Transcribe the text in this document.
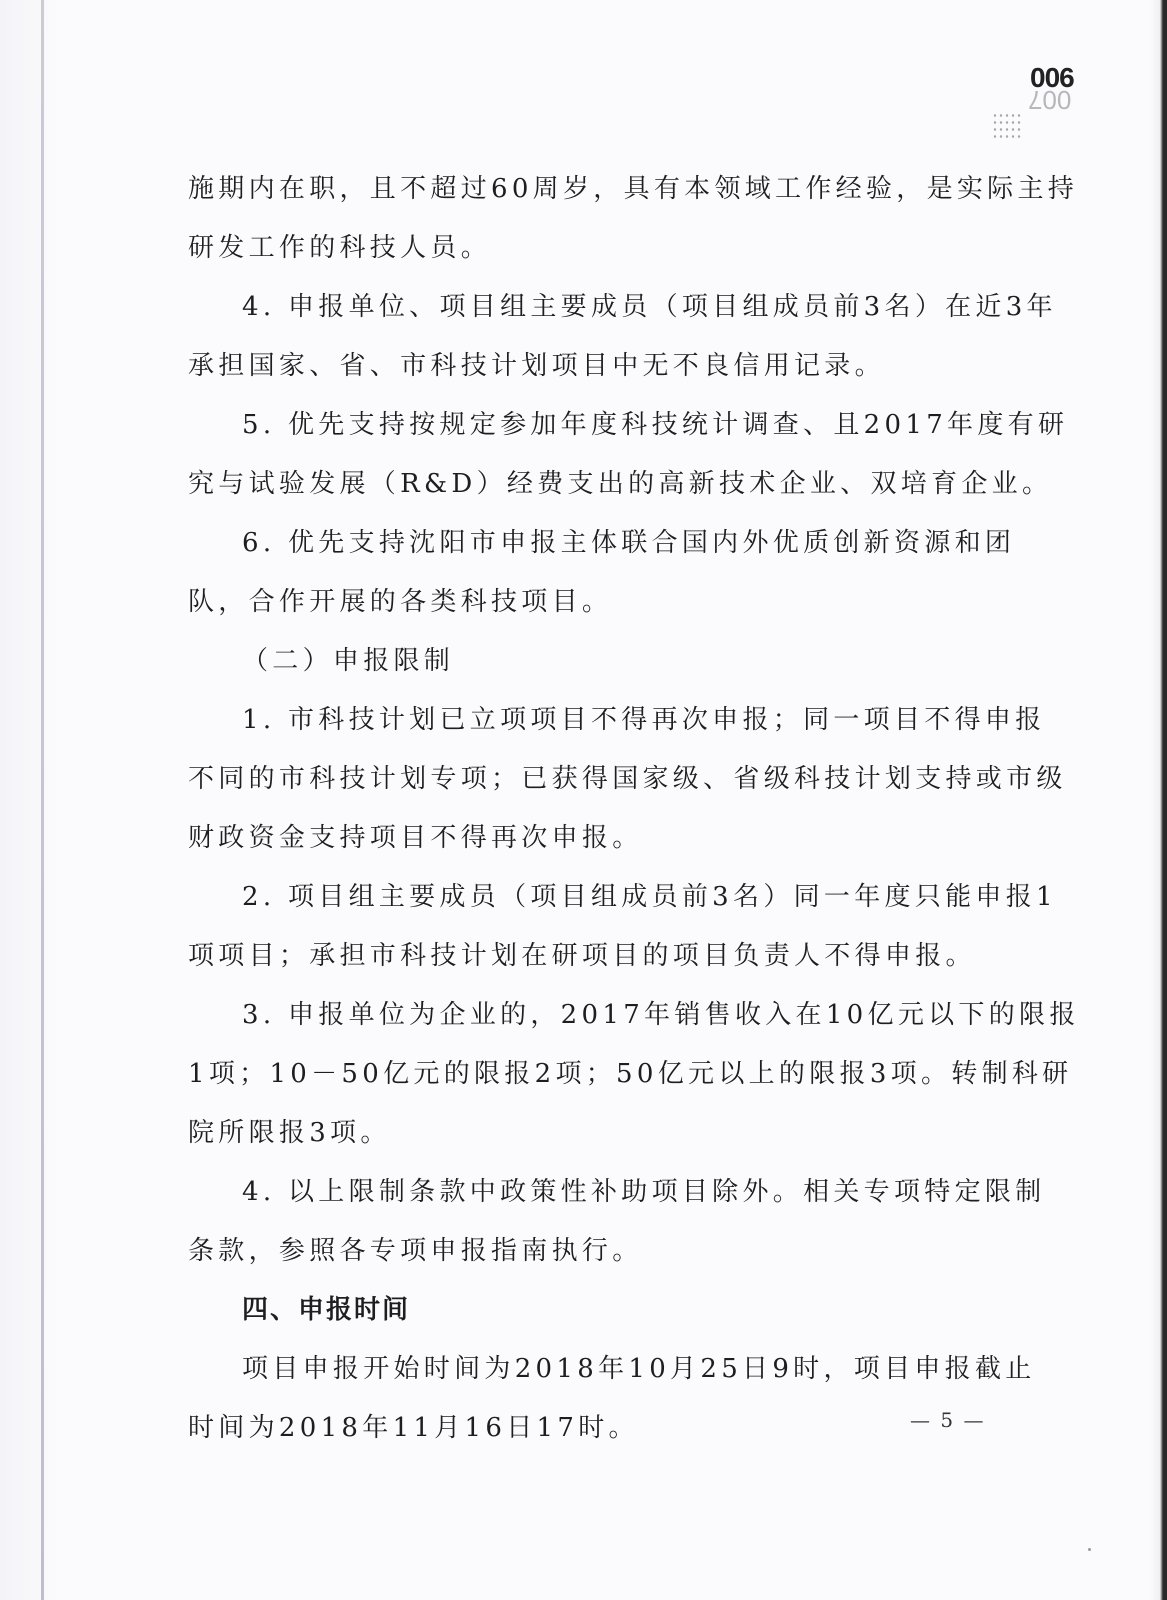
007
006
施期内在职，且不超过60周岁，具有本领域工作经验，是实际主持
研发工作的科技人员。
4. 申报单位、项目组主要成员（项目组成员前3名）在近3年
承担国家、省、市科技计划项目中无不良信用记录。
5. 优先支持按规定参加年度科技统计调查、且2017年度有研
究与试验发展（R&D）经费支出的高新技术企业、双培育企业。
6. 优先支持沈阳市申报主体联合国内外优质创新资源和团
队，合作开展的各类科技项目。
（二）申报限制
1. 市科技计划已立项项目不得再次申报；同一项目不得申报
不同的市科技计划专项；已获得国家级、省级科技计划支持或市级
财政资金支持项目不得再次申报。
2. 项目组主要成员（项目组成员前3名）同一年度只能申报1
项项目；承担市科技计划在研项目的项目负责人不得申报。
3. 申报单位为企业的，2017年销售收入在10亿元以下的限报
1项；10－50亿元的限报2项；50亿元以上的限报3项。转制科研
院所限报3项。
4. 以上限制条款中政策性补助项目除外。相关专项特定限制
条款，参照各专项申报指南执行。
四、申报时间
项目申报开始时间为2018年10月25日9时，项目申报截止
时间为2018年11月16日17时。	— 5 —
